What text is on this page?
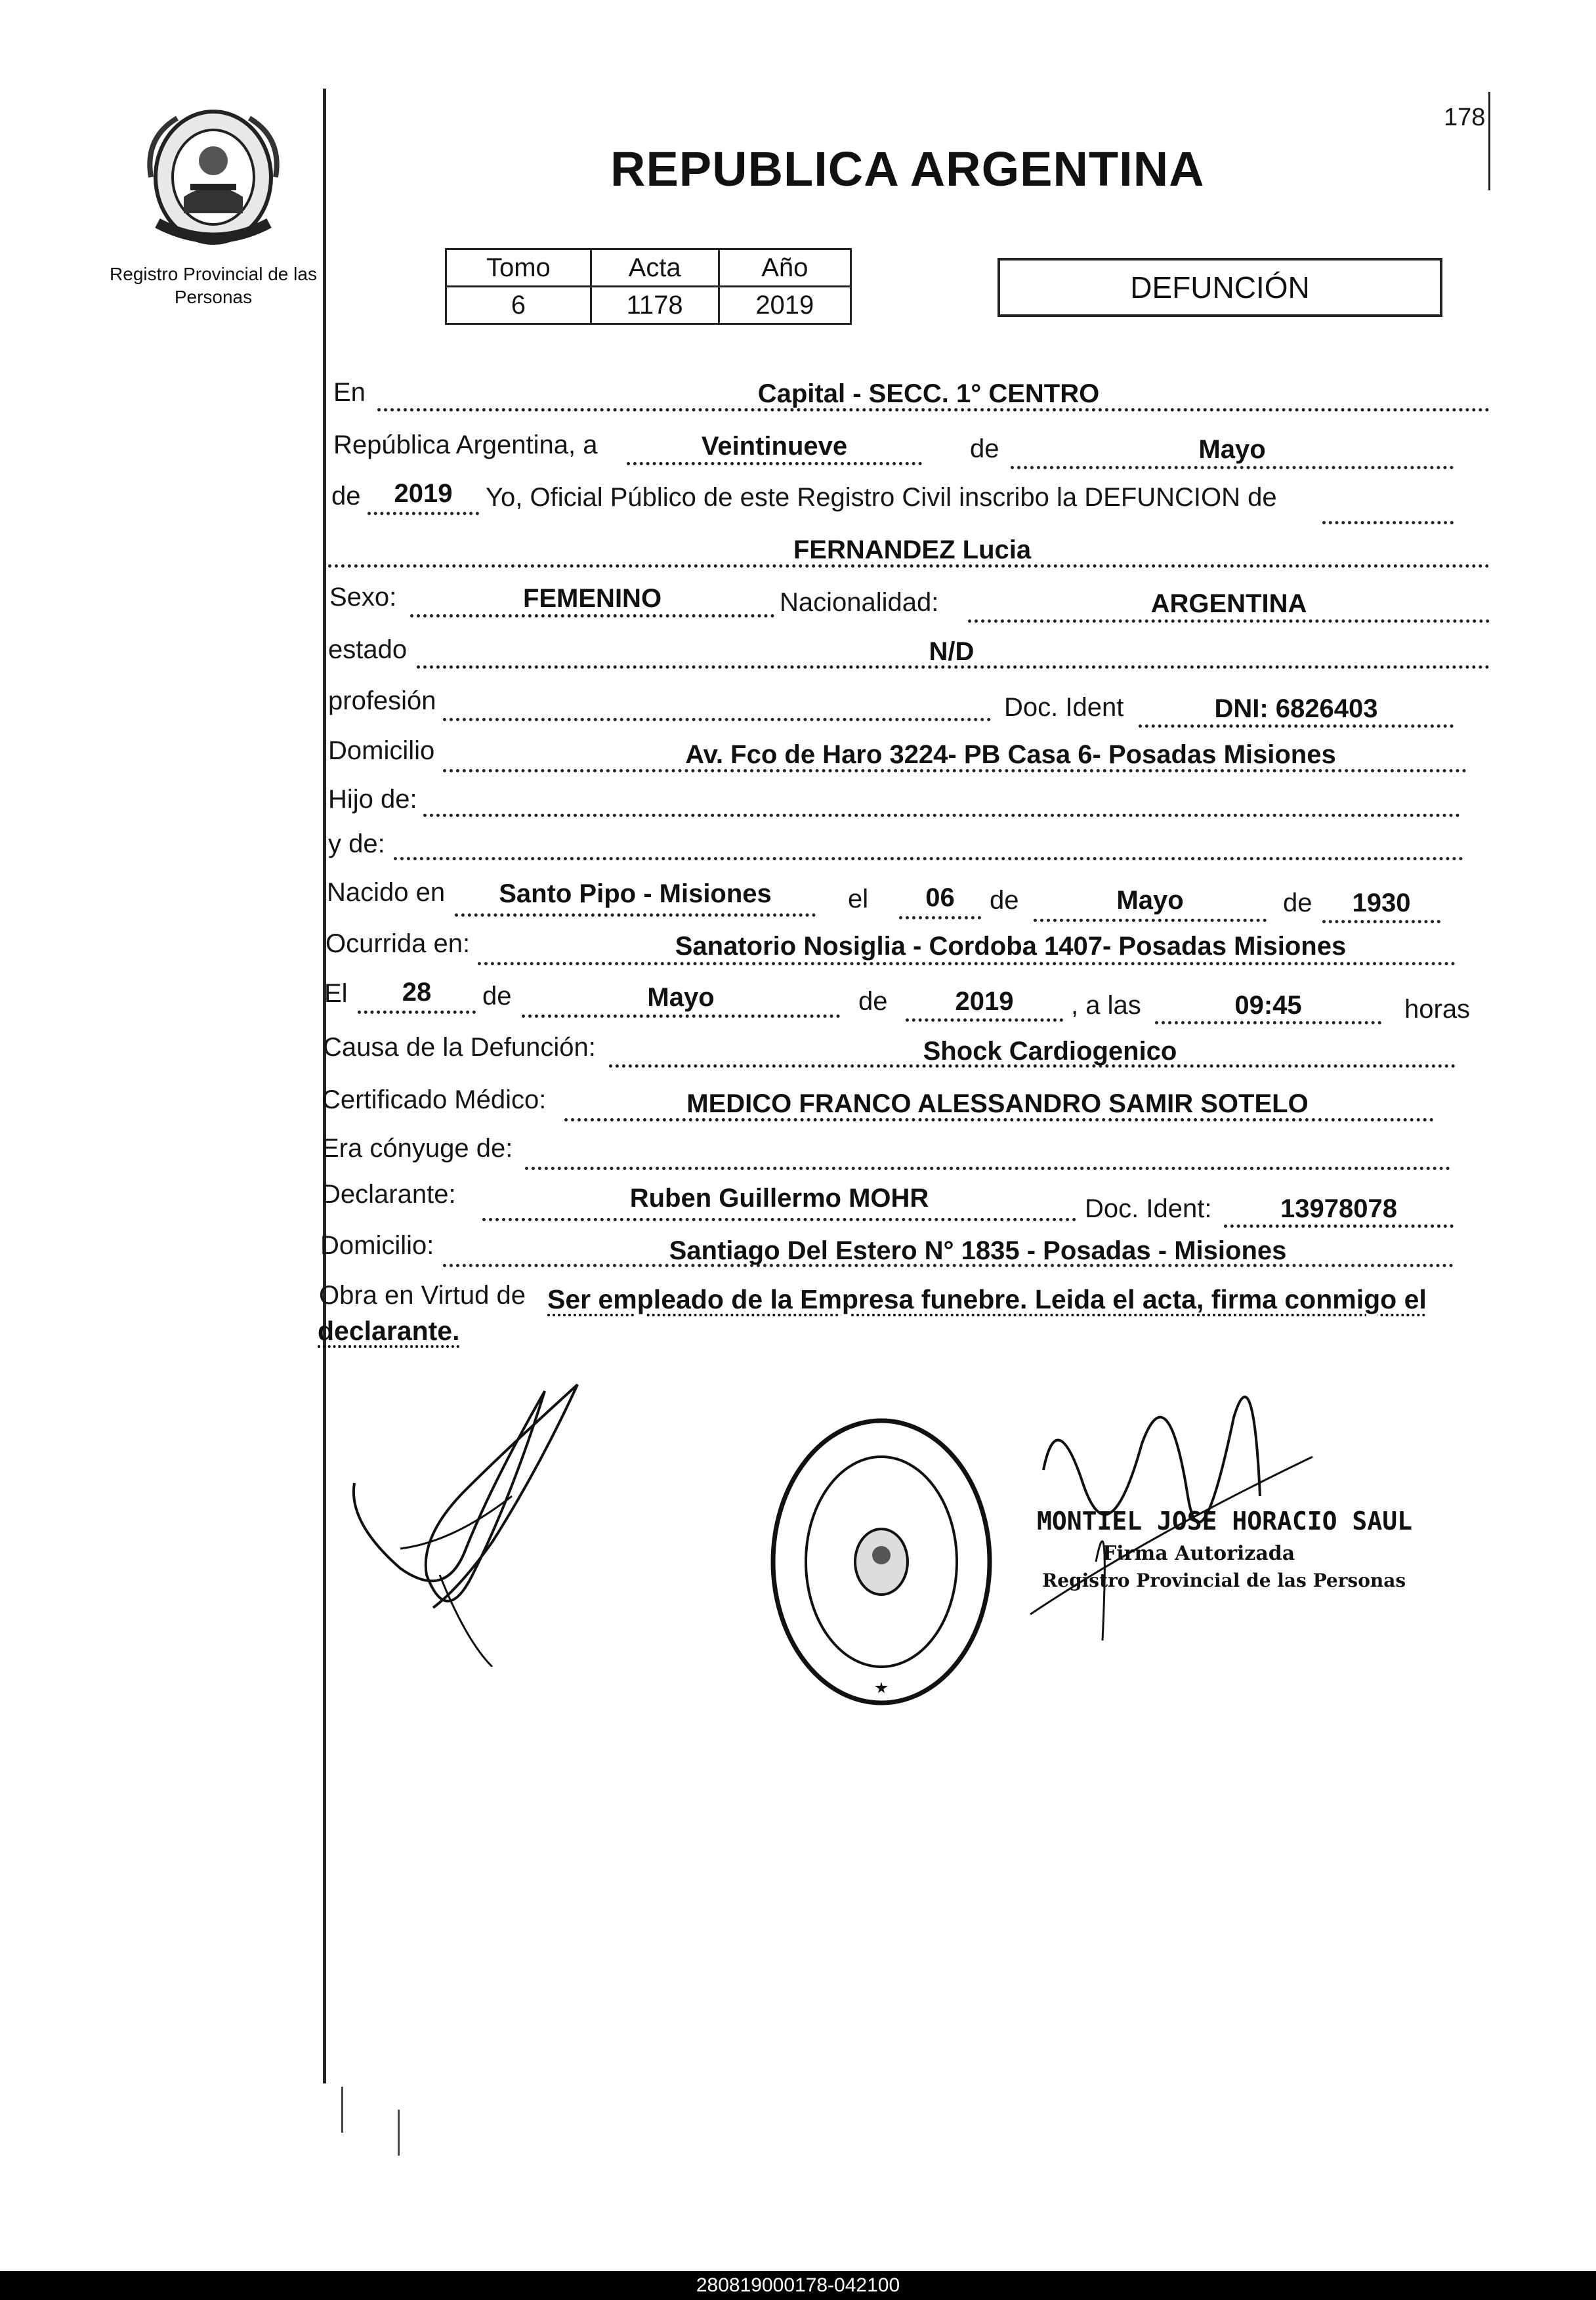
178
Registro Provincial de las Personas
REPUBLICA ARGENTINA
Tomo	Acta	Año
6	1178	2019
DEFUNCIÓN
En	Capital - SECC. 1° CENTRO
República Argentina, a	Veintinueve	de	Mayo
de	2019	Yo, Oficial Público de este Registro Civil inscribo la DEFUNCION de
FERNANDEZ Lucia
Sexo:	FEMENINO	Nacionalidad:	ARGENTINA
estado	N/D
profesión	Doc. Ident	DNI: 6826403
Domicilio	Av. Fco de Haro 3224- PB Casa 6- Posadas Misiones
Hijo de:
y de:
Nacido en	Santo Pipo - Misiones	el	06	de	Mayo	de	1930
Ocurrida en:	Sanatorio Nosiglia - Cordoba 1407- Posadas Misiones
El	28	de	Mayo	de	2019	, a las	09:45	horas
Causa de la Defunción:	Shock Cardiogenico
Certificado Médico:	MEDICO FRANCO ALESSANDRO SAMIR SOTELO
Era cónyuge de:
Declarante:	Ruben Guillermo MOHR	Doc. Ident:	13978078
Domicilio:	Santiago Del Estero N° 1835 - Posadas - Misiones
Obra en Virtud de Ser empleado de la Empresa funebre. Leida el acta, firma conmigo el
declarante.
MONTIEL JOSE HORACIO SAUL
Firma Autorizada
Registro Provincial de las Personas
280819000178-042100
